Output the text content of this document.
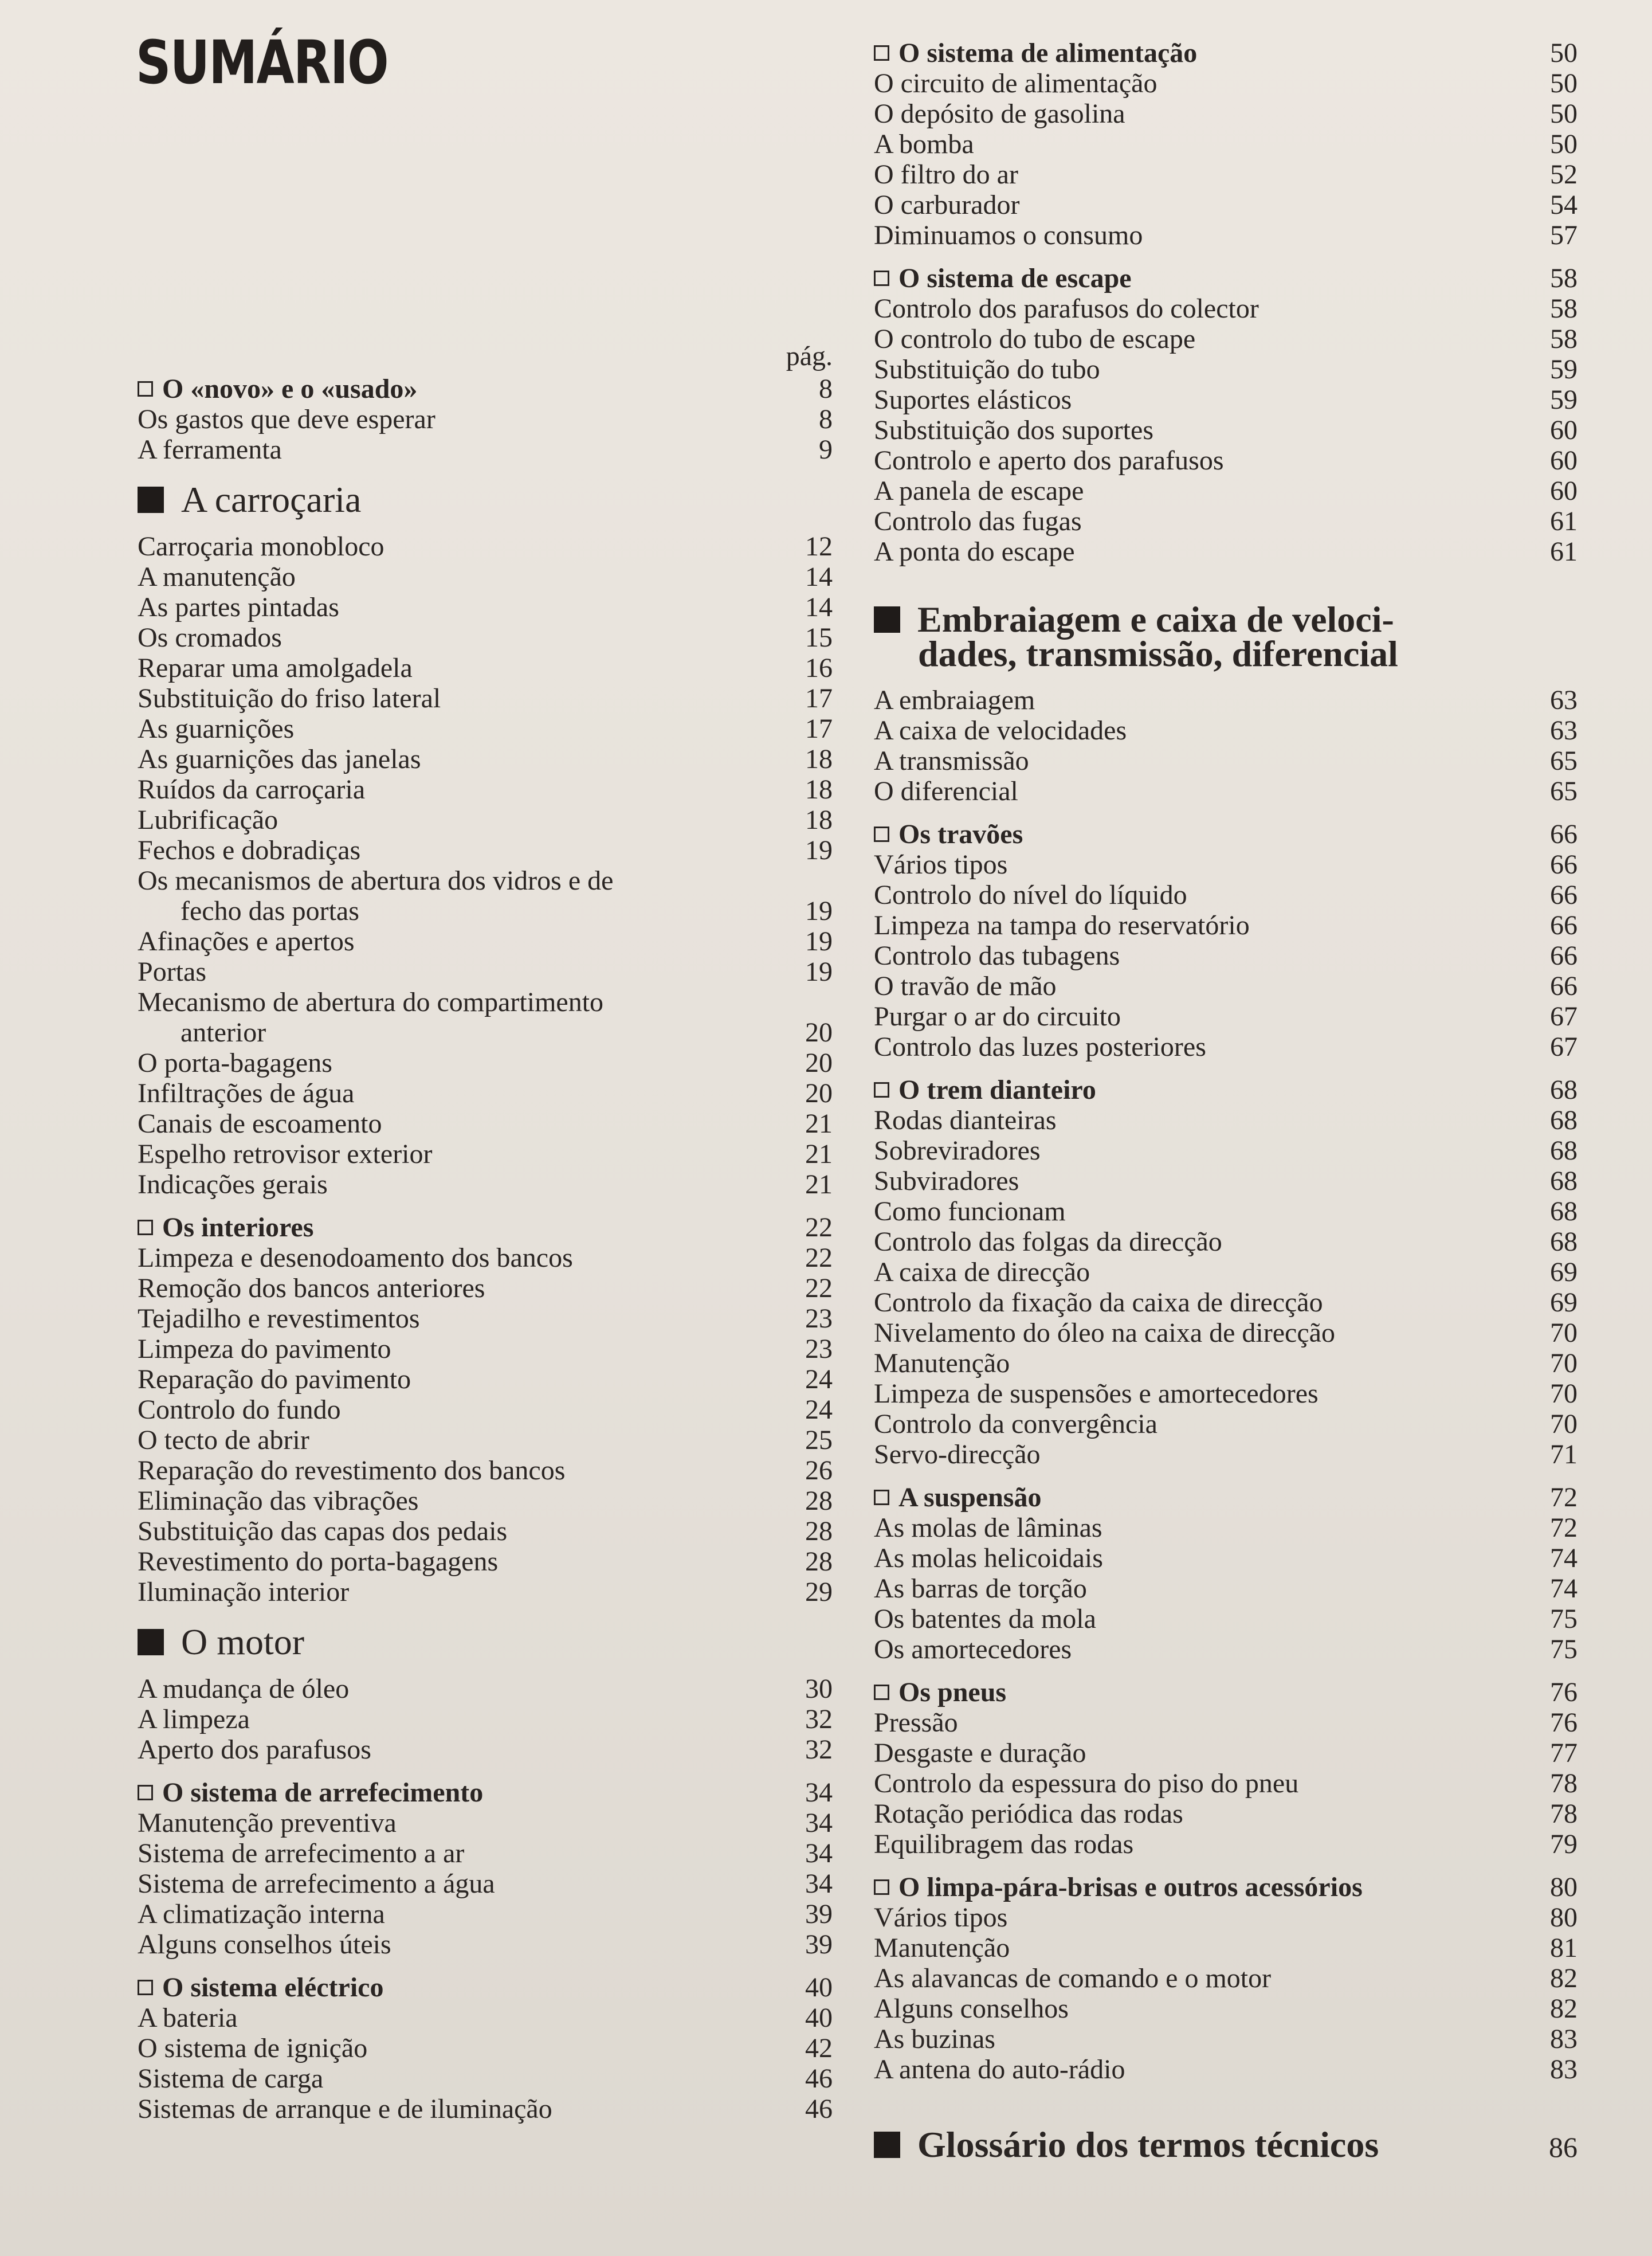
SUMÁRIO
pág.
O «novo» e o «usado»	8
Os gastos que deve esperar	8
A ferramenta	9
A carroçaria
Carroçaria monobloco	12
A manutenção	14
As partes pintadas	14
Os cromados	15
Reparar uma amolgadela	16
Substituição do friso lateral	17
As guarnições	17
As guarnições das janelas	18
Ruídos da carroçaria	18
Lubrificação	18
Fechos e dobradiças	19
Os mecanismos de abertura dos vidros e de
fecho das portas	19
Afinações e apertos	19
Portas	19
Mecanismo de abertura do compartimento
anterior	20
O porta-bagagens	20
Infiltrações de água	20
Canais de escoamento	21
Espelho retrovisor exterior	21
Indicações gerais	21
Os interiores	22
Limpeza e desenodoamento dos bancos	22
Remoção dos bancos anteriores	22
Tejadilho e revestimentos	23
Limpeza do pavimento	23
Reparação do pavimento	24
Controlo do fundo	24
O tecto de abrir	25
Reparação do revestimento dos bancos	26
Eliminação das vibrações	28
Substituição das capas dos pedais	28
Revestimento do porta-bagagens	28
Iluminação interior	29
O motor
A mudança de óleo	30
A limpeza	32
Aperto dos parafusos	32
O sistema de arrefecimento	34
Manutenção preventiva	34
Sistema de arrefecimento a ar	34
Sistema de arrefecimento a água	34
A climatização interna	39
Alguns conselhos úteis	39
O sistema eléctrico	40
A bateria	40
O sistema de ignição	42
Sistema de carga	46
Sistemas de arranque e de iluminação	46
O sistema de alimentação	50
O circuito de alimentação	50
O depósito de gasolina	50
A bomba	50
O filtro do ar	52
O carburador	54
Diminuamos o consumo	57
O sistema de escape	58
Controlo dos parafusos do colector	58
O controlo do tubo de escape	58
Substituição do tubo	59
Suportes elásticos	59
Substituição dos suportes	60
Controlo e aperto dos parafusos	60
A panela de escape	60
Controlo das fugas	61
A ponta do escape	61
Embraiagem e caixa de veloci-
dades, transmissão, diferencial
A embraiagem	63
A caixa de velocidades	63
A transmissão	65
O diferencial	65
Os travões	66
Vários tipos	66
Controlo do nível do líquido	66
Limpeza na tampa do reservatório	66
Controlo das tubagens	66
O travão de mão	66
Purgar o ar do circuito	67
Controlo das luzes posteriores	67
O trem dianteiro	68
Rodas dianteiras	68
Sobreviradores	68
Subviradores	68
Como funcionam	68
Controlo das folgas da direcção	68
A caixa de direcção	69
Controlo da fixação da caixa de direcção	69
Nivelamento do óleo na caixa de direcção	70
Manutenção	70
Limpeza de suspensões e amortecedores	70
Controlo da convergência	70
Servo-direcção	71
A suspensão	72
As molas de lâminas	72
As molas helicoidais	74
As barras de torção	74
Os batentes da mola	75
Os amortecedores	75
Os pneus	76
Pressão	76
Desgaste e duração	77
Controlo da espessura do piso do pneu	78
Rotação periódica das rodas	78
Equilibragem das rodas	79
O limpa-pára-brisas e outros acessórios	80
Vários tipos	80
Manutenção	81
As alavancas de comando e o motor	82
Alguns conselhos	82
As buzinas	83
A antena do auto-rádio	83
Glossário dos termos técnicos	86
